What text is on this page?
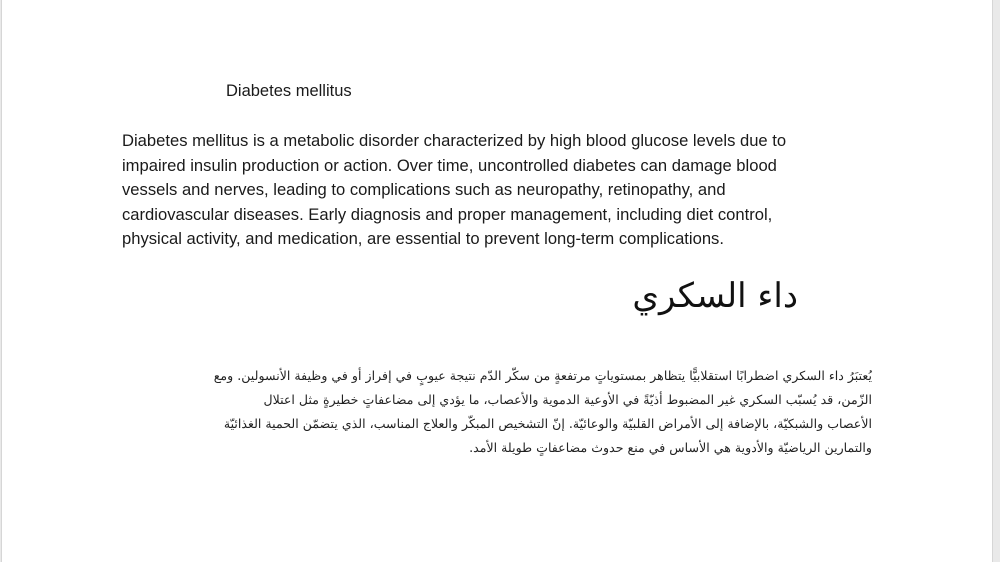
Diabetes mellitus

Diabetes mellitus is a metabolic disorder characterized by high blood glucose levels due to
impaired insulin production or action. Over time, uncontrolled diabetes can damage blood
vessels and nerves, leading to complications such as neuropathy, retinopathy, and
cardiovascular diseases. Early diagnosis and proper management, including diet control,
physical activity, and medication, are essential to prevent long-term complications.

داء السكري

يُعتبَرُ داء السكري اضطرابًا استقلابيًّا يتظاهر بمستوياتٍ مرتفعةٍ من سكّر الدّم نتيجة عيوبٍ في إفراز أو في وظيفة الأنسولين. ومع
الزّمن، قد يُسبّب السكري غير المضبوط أذيّةً في الأوعية الدموية والأعصاب، ما يؤدي إلى مضاعفاتٍ خطيرةٍ مثل اعتلال
الأعصاب والشبكيّة، بالإضافة إلى الأمراض القلبيّة والوعائيّة. إنّ التشخيص المبكّر والعلاج المناسب، الذي يتضمّن الحمية الغذائيّة
والتمارين الرياضيّة والأدوية هي الأساس في منع حدوث مضاعفاتٍ طويلة الأمد.
